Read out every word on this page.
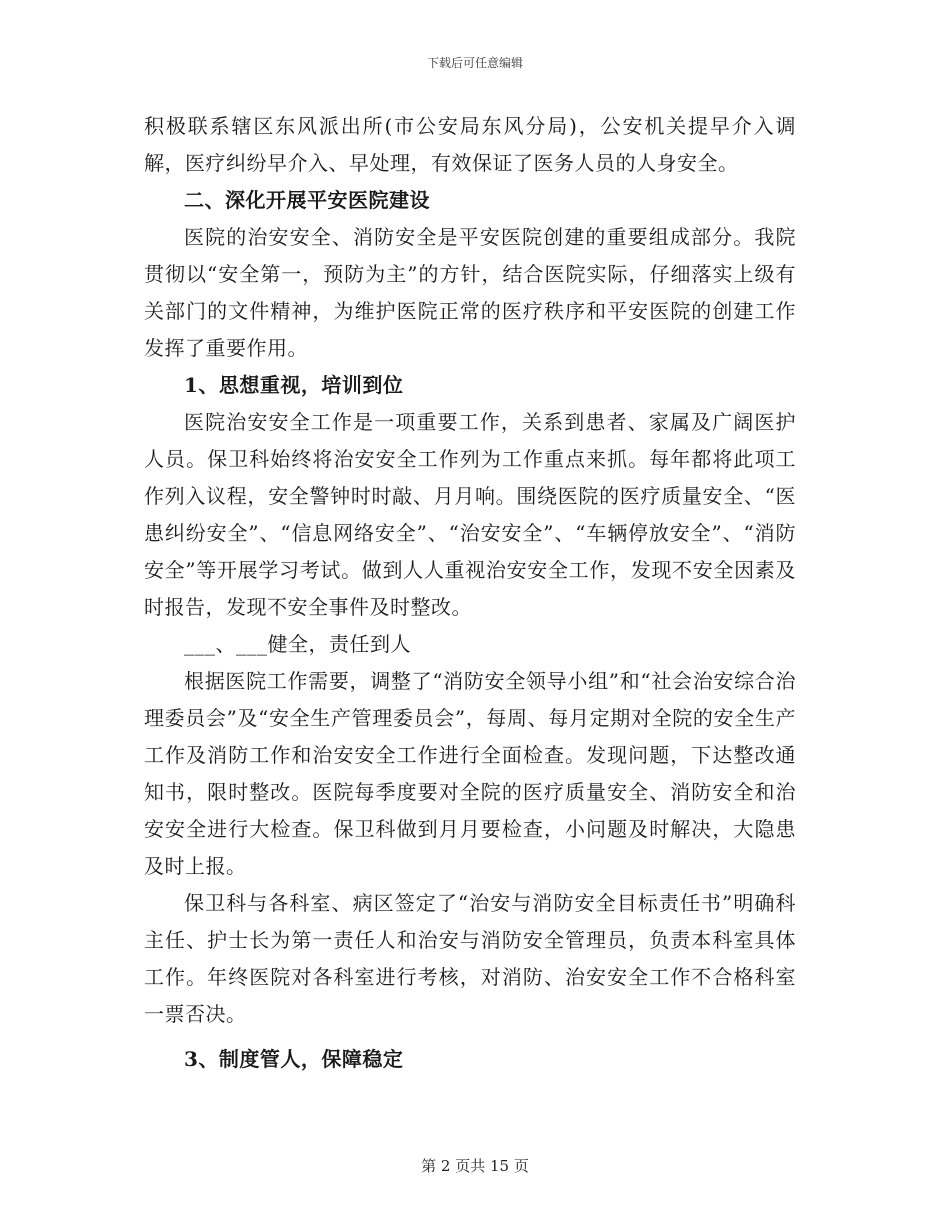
下载后可任意编辑

积极联系辖区东风派出所(市公安局东风分局)，公安机关提早介入调解，医疗纠纷早介入、早处理，有效保证了医务人员的人身安全。

二、深化开展平安医院建设

医院的治安安全、消防安全是平安医院创建的重要组成部分。我院贯彻以“安全第一，预防为主”的方针，结合医院实际，仔细落实上级有关部门的文件精神，为维护医院正常的医疗秩序和平安医院的创建工作发挥了重要作用。

1、思想重视，培训到位

医院治安安全工作是一项重要工作，关系到患者、家属及广阔医护人员。保卫科始终将治安安全工作列为工作重点来抓。每年都将此项工作列入议程，安全警钟时时敲、月月响。围绕医院的医疗质量安全、“医患纠纷安全”、“信息网络安全”、“治安安全”、“车辆停放安全”、“消防安全”等开展学习考试。做到人人重视治安安全工作，发现不安全因素及时报告，发现不安全事件及时整改。

___、___健全，责任到人

根据医院工作需要，调整了“消防安全领导小组”和“社会治安综合治理委员会”及“安全生产管理委员会”，每周、每月定期对全院的安全生产工作及消防工作和治安安全工作进行全面检查。发现问题，下达整改通知书，限时整改。医院每季度要对全院的医疗质量安全、消防安全和治安安全进行大检查。保卫科做到月月要检查，小问题及时解决，大隐患及时上报。

保卫科与各科室、病区签定了“治安与消防安全目标责任书”明确科主任、护士长为第一责任人和治安与消防安全管理员，负责本科室具体工作。年终医院对各科室进行考核，对消防、治安安全工作不合格科室一票否决。

3、制度管人，保障稳定

第 2 页共 15 页
